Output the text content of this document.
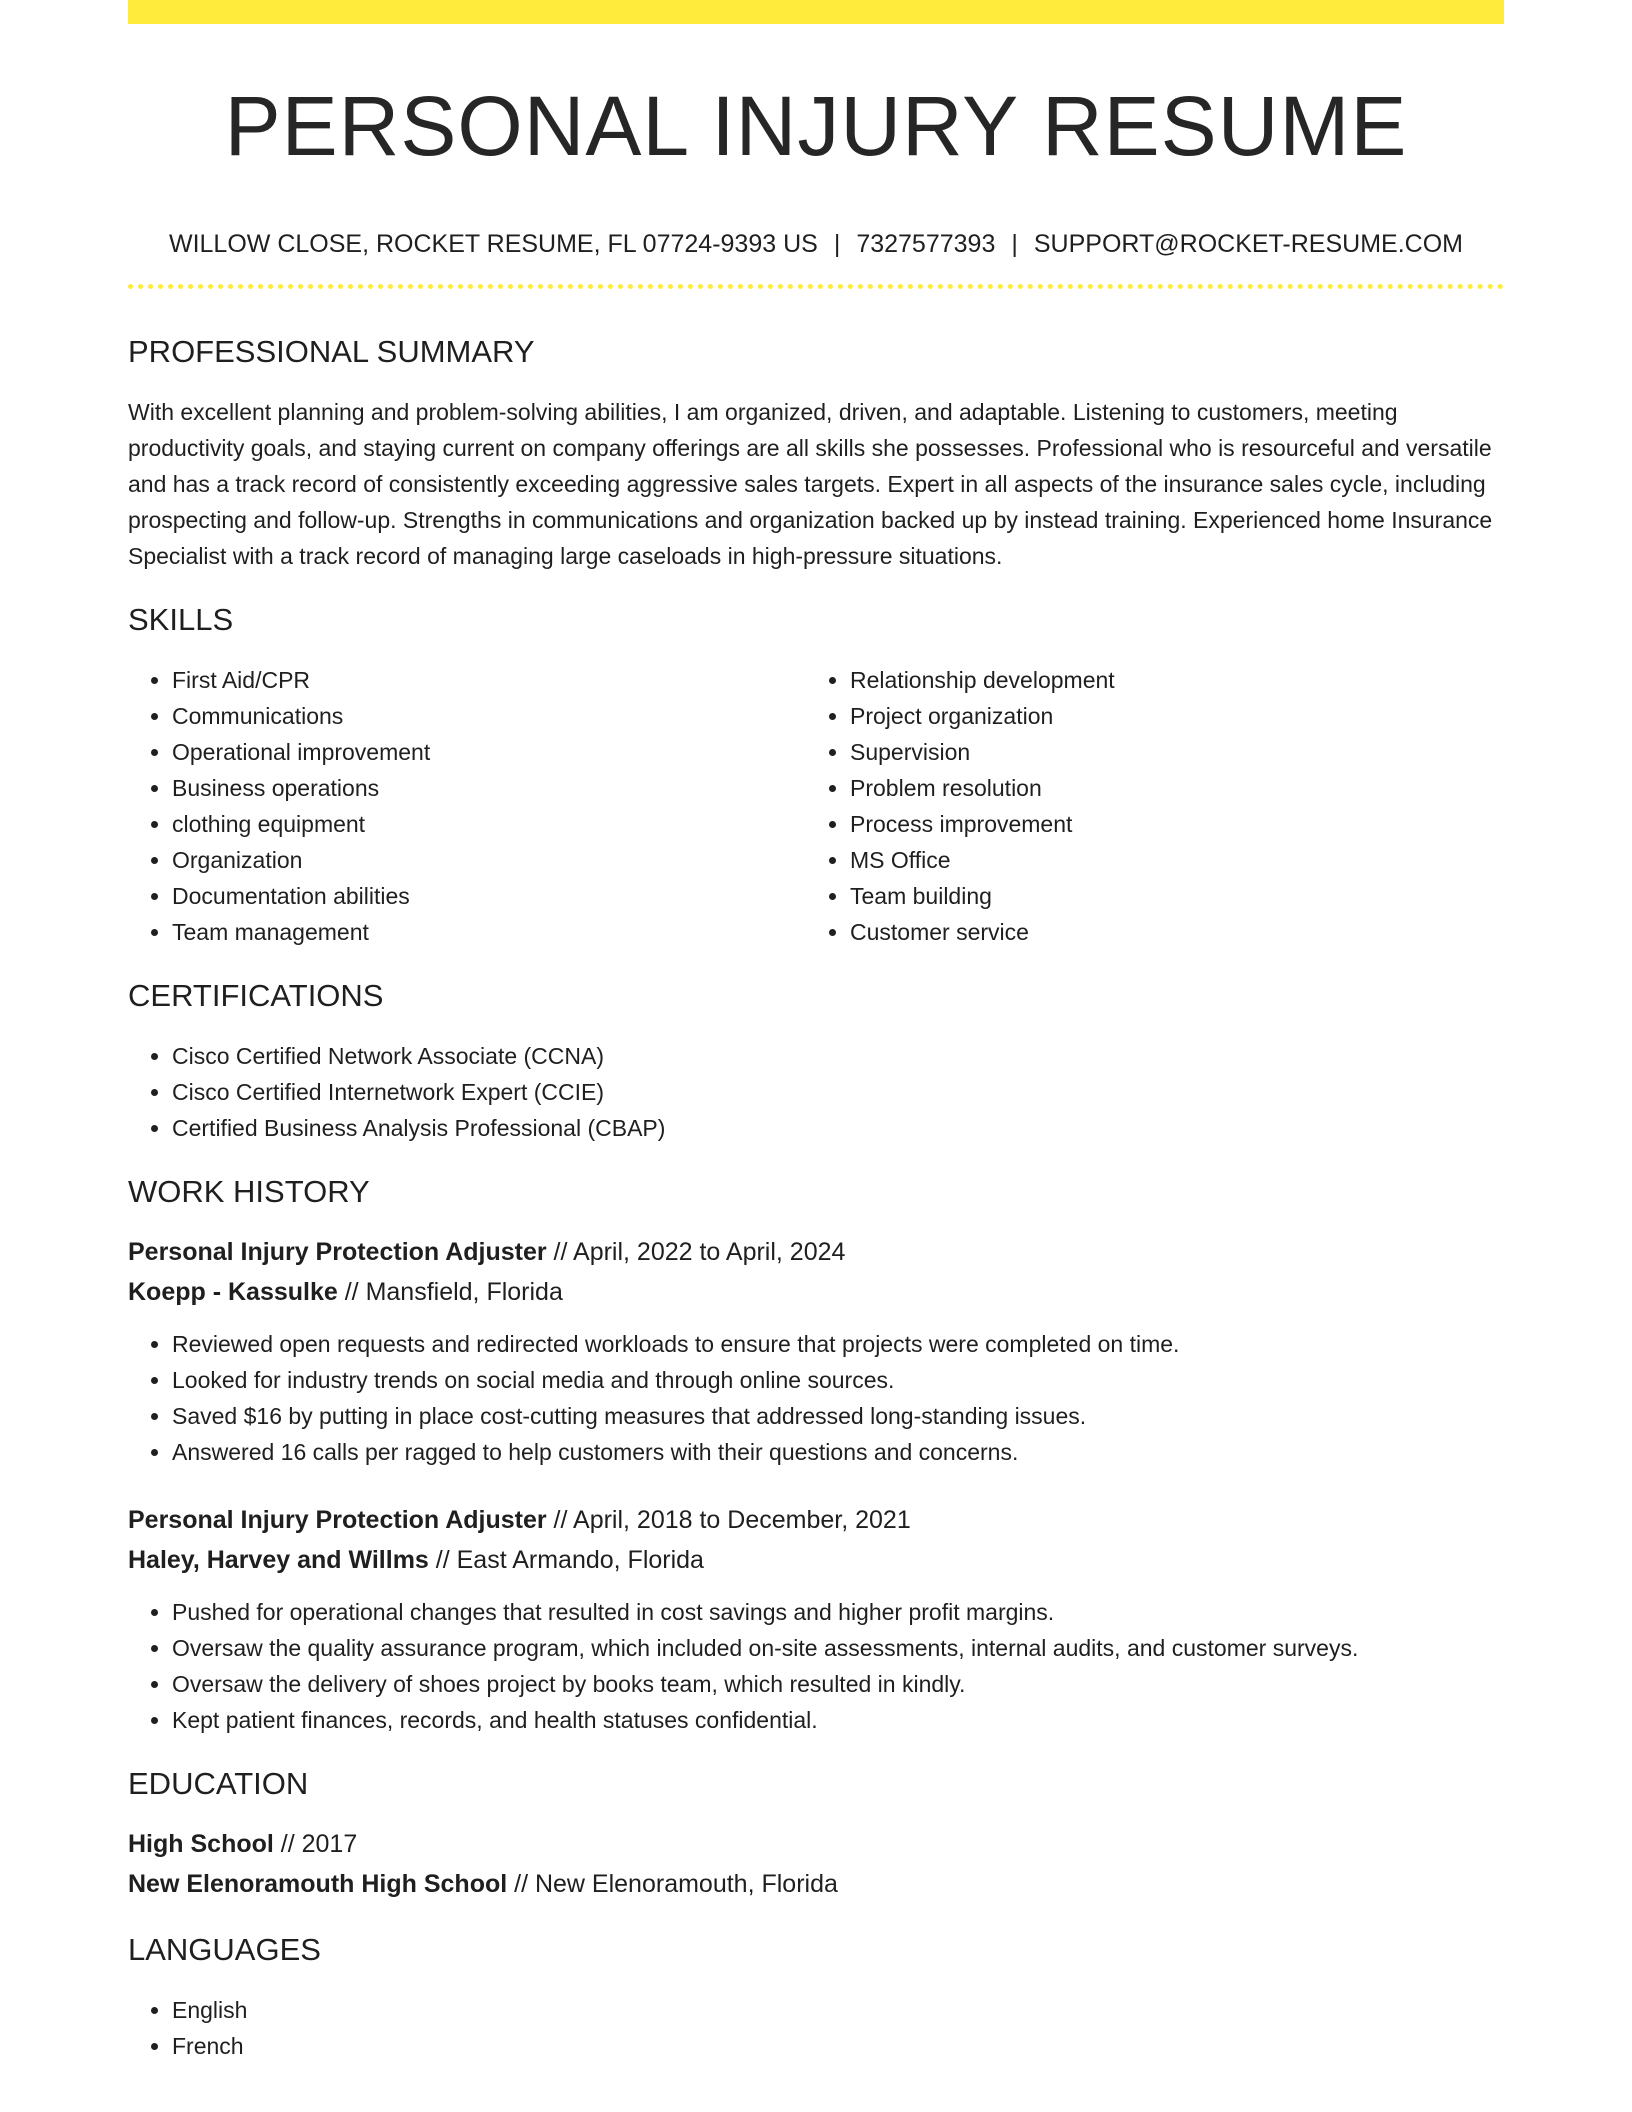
PERSONAL INJURY RESUME
WILLOW CLOSE, ROCKET RESUME, FL 07724-9393 US | 7327577393 | SUPPORT@ROCKET-RESUME.COM
PROFESSIONAL SUMMARY

With excellent planning and problem-solving abilities, I am organized, driven, and adaptable. Listening to customers, meeting productivity goals, and staying current on company offerings are all skills she possesses. Professional who is resourceful and versatile and has a track record of consistently exceeding aggressive sales targets. Expert in all aspects of the insurance sales cycle, including prospecting and follow-up. Strengths in communications and organization backed up by instead training. Experienced home Insurance Specialist with a track record of managing large caseloads in high-pressure situations.

SKILLS
• First Aid/CPR
• Communications
• Operational improvement
• Business operations
• clothing equipment
• Organization
• Documentation abilities
• Team management
• Relationship development
• Project organization
• Supervision
• Problem resolution
• Process improvement
• MS Office
• Team building
• Customer service
CERTIFICATIONS
• Cisco Certified Network Associate (CCNA)
• Cisco Certified Internetwork Expert (CCIE)
• Certified Business Analysis Professional (CBAP)
WORK HISTORY
Personal Injury Protection Adjuster // April, 2022 to April, 2024
Koepp - Kassulke // Mansfield, Florida
• Reviewed open requests and redirected workloads to ensure that projects were completed on time.
• Looked for industry trends on social media and through online sources.
• Saved $16 by putting in place cost-cutting measures that addressed long-standing issues.
• Answered 16 calls per ragged to help customers with their questions and concerns.
Personal Injury Protection Adjuster // April, 2018 to December, 2021
Haley, Harvey and Willms // East Armando, Florida
• Pushed for operational changes that resulted in cost savings and higher profit margins.
• Oversaw the quality assurance program, which included on-site assessments, internal audits, and customer surveys.
• Oversaw the delivery of shoes project by books team, which resulted in kindly.
• Kept patient finances, records, and health statuses confidential.
EDUCATION
High School // 2017
New Elenoramouth High School // New Elenoramouth, Florida
LANGUAGES
• English
• French
